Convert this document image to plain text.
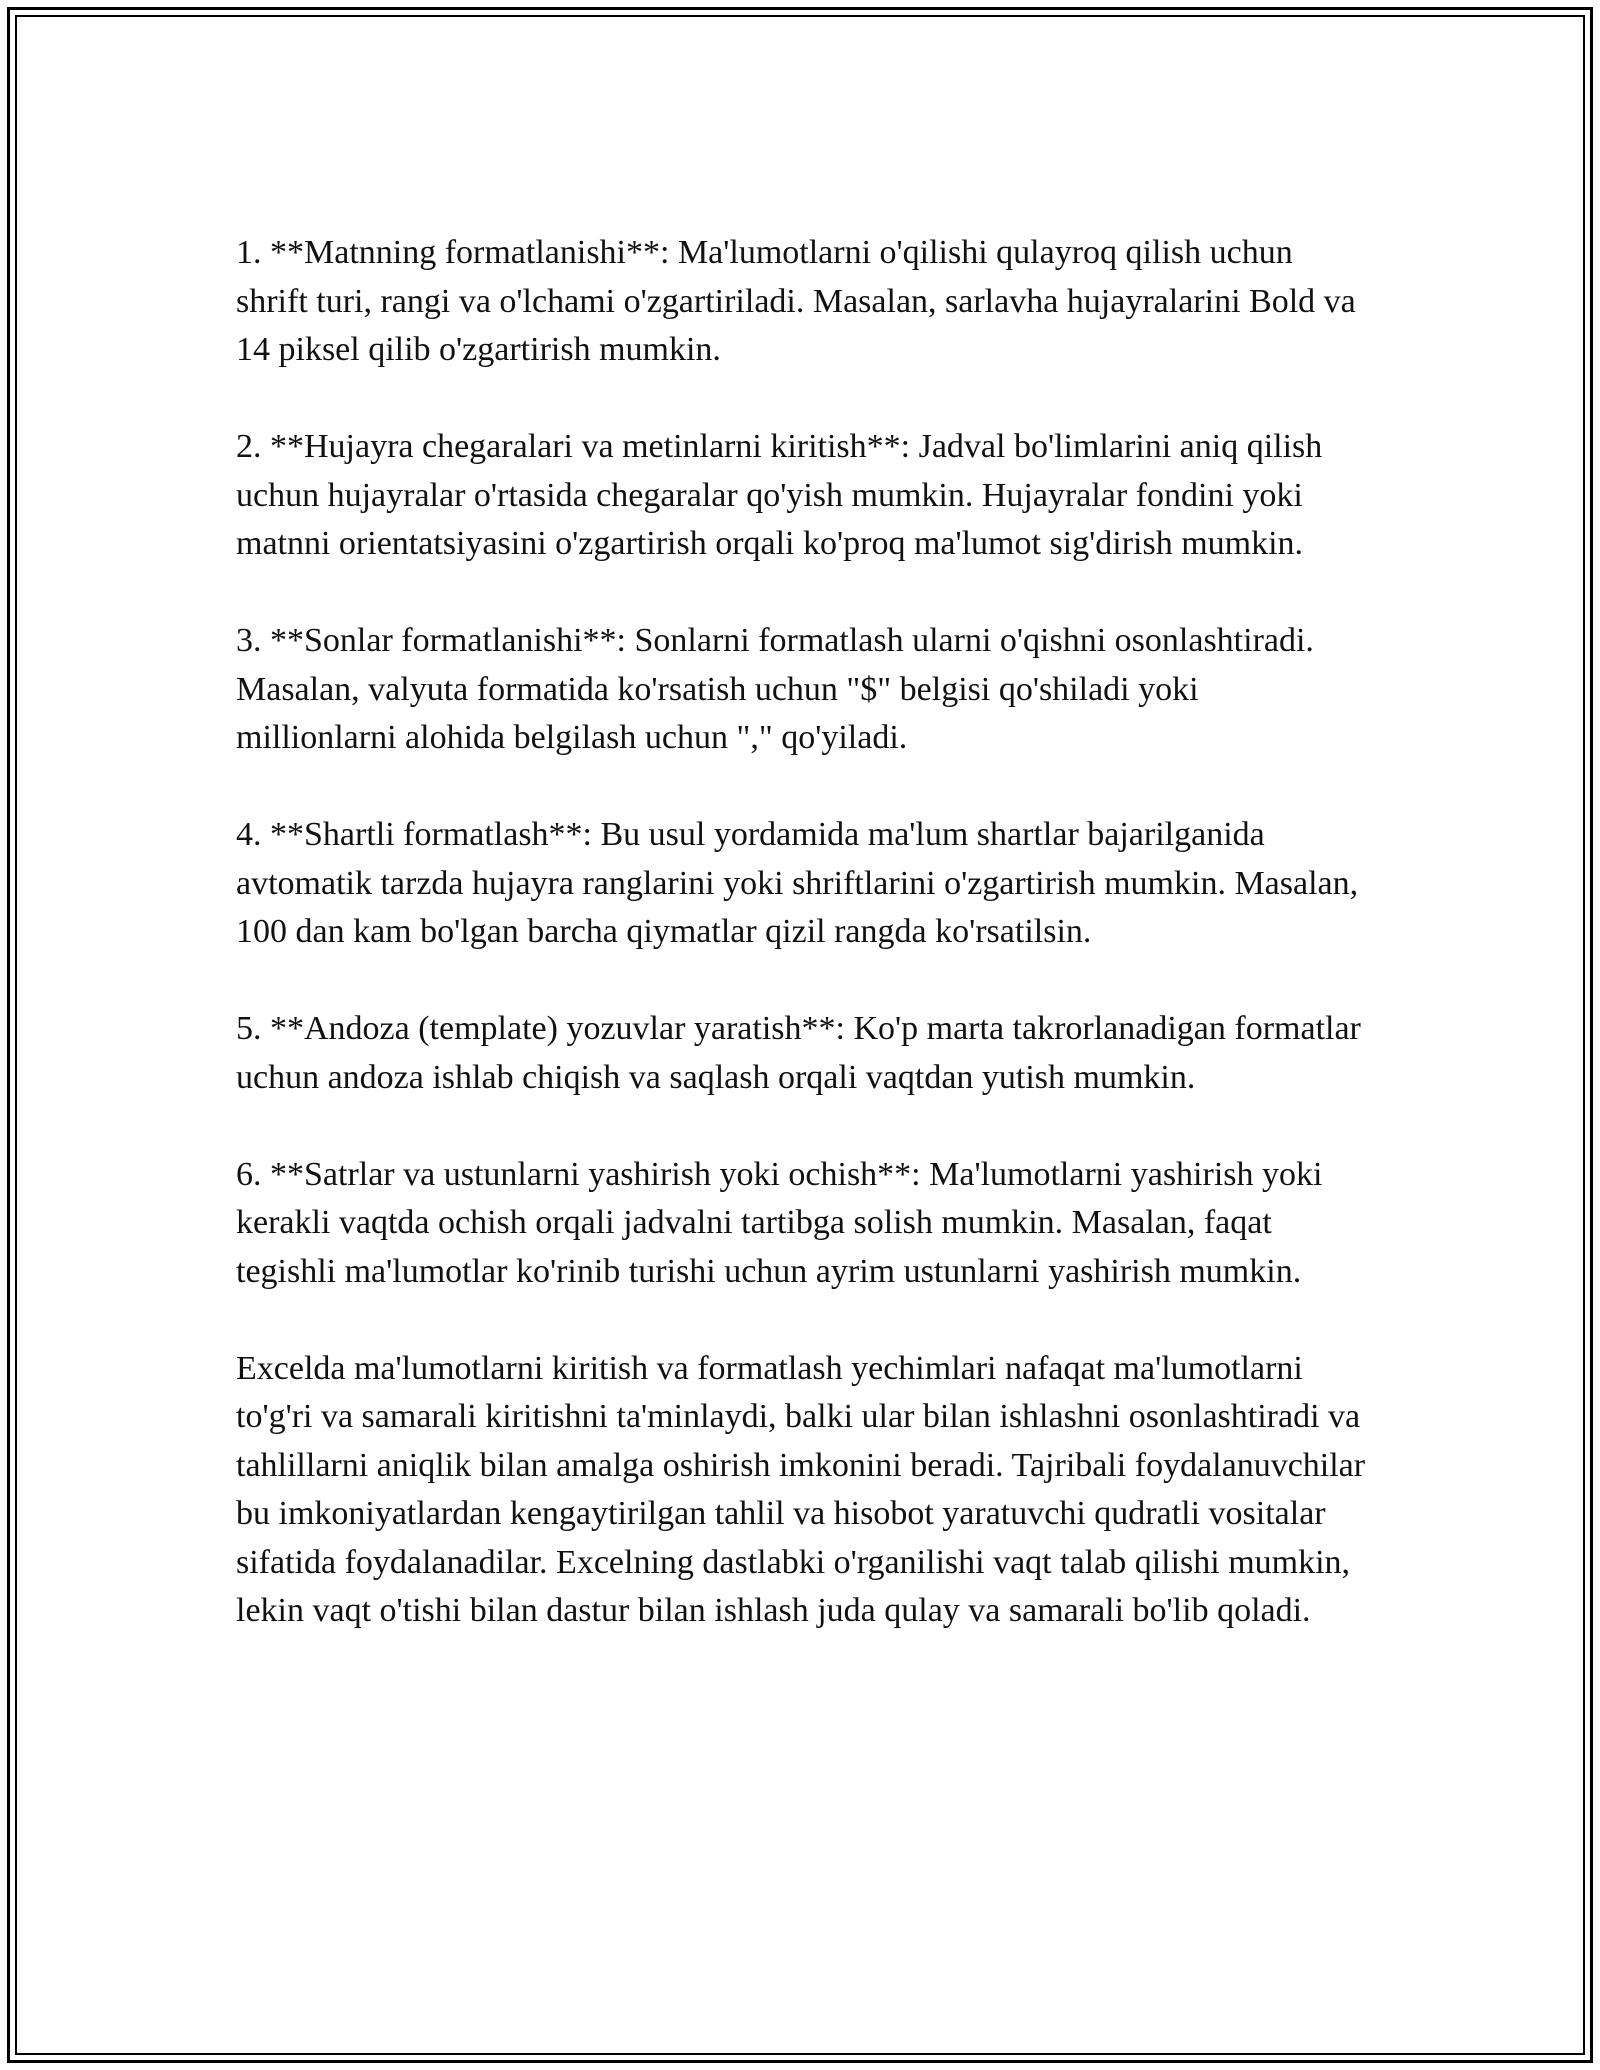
1. **Matnning formatlanishi**: Ma'lumotlarni o'qilishi qulayroq qilish uchun shrift turi, rangi va o'lchami o'zgartiriladi. Masalan, sarlavha hujayralarini Bold va 14 piksel qilib o'zgartirish mumkin.

2. **Hujayra chegaralari va metinlarni kiritish**: Jadval bo'limlarini aniq qilish uchun hujayralar o'rtasida chegaralar qo'yish mumkin. Hujayralar fondini yoki matnni orientatsiyasini o'zgartirish orqali ko'proq ma'lumot sig'dirish mumkin.

3. **Sonlar formatlanishi**: Sonlarni formatlash ularni o'qishni osonlashtiradi. Masalan, valyuta formatida ko'rsatish uchun "$" belgisi qo'shiladi yoki millionlarni alohida belgilash uchun "," qo'yiladi.

4. **Shartli formatlash**: Bu usul yordamida ma'lum shartlar bajarilganida avtomatik tarzda hujayra ranglarini yoki shriftlarini o'zgartirish mumkin. Masalan, 100 dan kam bo'lgan barcha qiymatlar qizil rangda ko'rsatilsin.

5. **Andoza (template) yozuvlar yaratish**: Ko'p marta takrorlanadigan formatlar uchun andoza ishlab chiqish va saqlash orqali vaqtdan yutish mumkin.

6. **Satrlar va ustunlarni yashirish yoki ochish**: Ma'lumotlarni yashirish yoki kerakli vaqtda ochish orqali jadvalni tartibga solish mumkin. Masalan, faqat tegishli ma'lumotlar ko'rinib turishi uchun ayrim ustunlarni yashirish mumkin.

Excelda ma'lumotlarni kiritish va formatlash yechimlari nafaqat ma'lumotlarni to'g'ri va samarali kiritishni ta'minlaydi, balki ular bilan ishlashni osonlashtiradi va tahlillarni aniqlik bilan amalga oshirish imkonini beradi. Tajribali foydalanuvchilar bu imkoniyatlardan kengaytirilgan tahlil va hisobot yaratuvchi qudratli vositalar sifatida foydalanadilar. Excelning dastlabki o'rganilishi vaqt talab qilishi mumkin, lekin vaqt o'tishi bilan dastur bilan ishlash juda qulay va samarali bo'lib qoladi.
